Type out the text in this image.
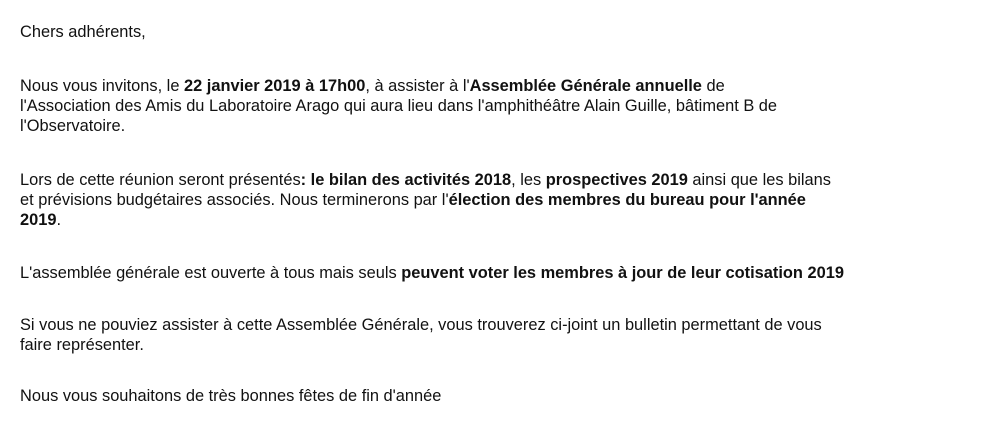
Chers adhérents,

Nous vous invitons, le 22 janvier 2019 à 17h00, à assister à l'Assemblée Générale annuelle de
l'Association des Amis du Laboratoire Arago qui aura lieu dans l'amphithéâtre Alain Guille, bâtiment B de
l'Observatoire.

Lors de cette réunion seront présentés: le bilan des activités 2018, les prospectives 2019 ainsi que les bilans
et prévisions budgétaires associés. Nous terminerons par l'élection des membres du bureau pour l'année
2019.

L'assemblée générale est ouverte à tous mais seuls peuvent voter les membres à jour de leur cotisation 2019

Si vous ne pouviez assister à cette Assemblée Générale, vous trouverez ci-joint un bulletin permettant de vous
faire représenter.

Nous vous souhaitons de très bonnes fêtes de fin d'année
